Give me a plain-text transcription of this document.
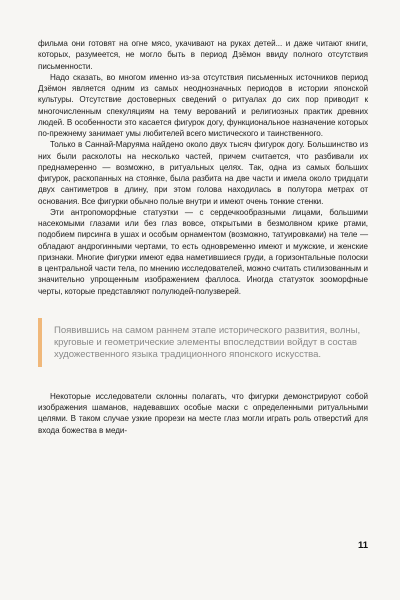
фильма они готовят на огне мясо, укачивают на руках детей... и даже читают книги, которых, разумеется, не могло быть в период Дзёмон ввиду полного отсутствия письменности.

Надо сказать, во многом именно из-за отсутствия письменных источников период Дзёмон является одним из самых неоднозначных периодов в истории японской культуры. Отсутствие достоверных сведений о ритуалах до сих пор приводит к многочисленным спекуляциям на тему верований и религиозных практик древних людей. В особенности это касается фигурок догу, функциональное назначение которых по-прежнему занимает умы любителей всего мистического и таинственного.

Только в Саннай-Маруяма найдено около двух тысяч фигурок догу. Большинство из них были расколоты на несколько частей, причем считается, что разбивали их преднамеренно — возможно, в ритуальных целях. Так, одна из самых больших фигурок, раскопанных на стоянке, была разбита на две части и имела около тридцати двух сантиметров в длину, при этом голова находилась в полутора метрах от основания. Все фигурки обычно полые внутри и имеют очень тонкие стенки.

Эти антропоморфные статуэтки — с сердечкообразными лицами, большими насекомыми глазами или без глаз вовсе, открытыми в безмолвном крике ртами, подобием пирсинга в ушах и особым орнаментом (возможно, татуировками) на теле — обладают андрогинными чертами, то есть одновременно имеют и мужские, и женские признаки. Многие фигурки имеют едва наметившиеся груди, а горизонтальные полоски в центральной части тела, по мнению исследователей, можно считать стилизованным и значительно упрощенным изображением фаллоса. Иногда статуэток зооморфные черты, которые представляют полулюдей-полузверей.

Появившись на самом раннем этапе исторического развития, волны, круговые и геометрические элементы впоследствии войдут в состав художественного языка традиционного японского искусства.

Некоторые исследователи склонны полагать, что фигурки демонстрируют собой изображения шаманов, надевавших особые маски с определенными ритуальными целями. В таком случае узкие прорези на месте глаз могли играть роль отверстий для входа божества в меди-

11
